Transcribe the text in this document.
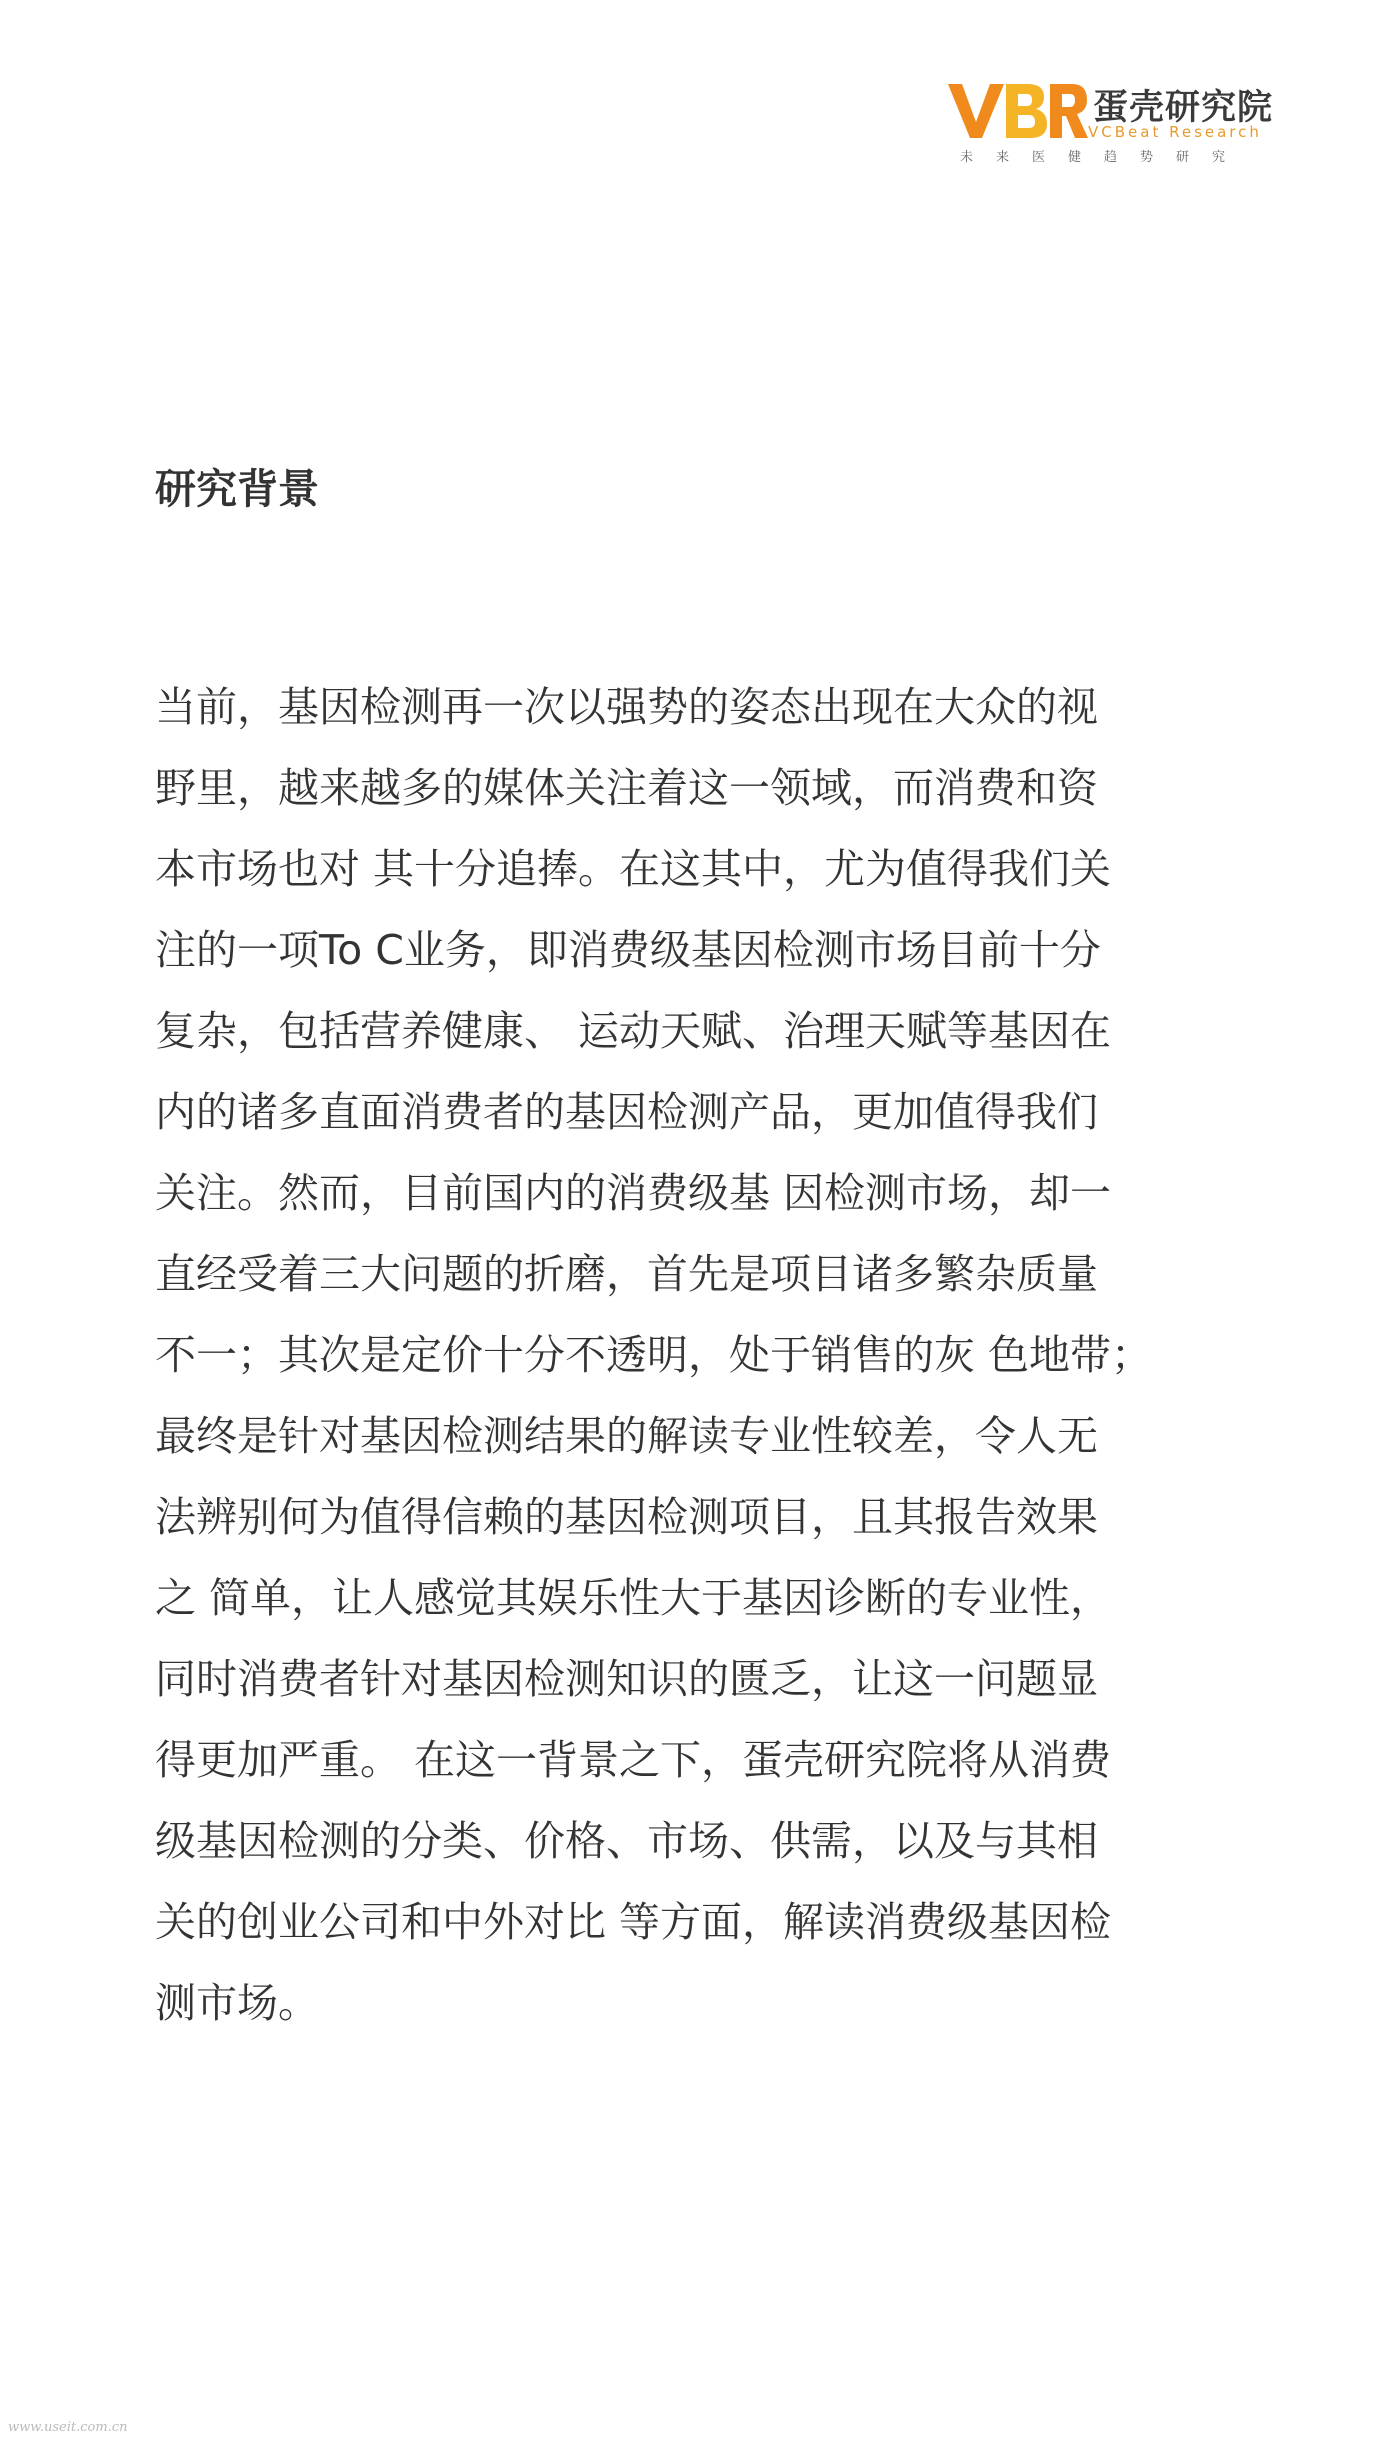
蛋壳研究院
VCBeat Research
未来医健趋势研究
研究背景
当前，基因检测再一次以强势的姿态出现在大众的视
野里，越来越多的媒体关注着这一领域，而消费和资
本市场也对 其十分追捧。在这其中，尤为值得我们关
注的一项To C业务，即消费级基因检测市场目前十分
复杂，包括营养健康、 运动天赋、治理天赋等基因在
内的诸多直面消费者的基因检测产品，更加值得我们
关注。然而，目前国内的消费级基 因检测市场，却一
直经受着三大问题的折磨，首先是项目诸多繁杂质量
不一；其次是定价十分不透明，处于销售的灰 色地带；
最终是针对基因检测结果的解读专业性较差，令人无
法辨别何为值得信赖的基因检测项目，且其报告效果
之 简单，让人感觉其娱乐性大于基因诊断的专业性，
同时消费者针对基因检测知识的匮乏，让这一问题显
得更加严重。 在这一背景之下，蛋壳研究院将从消费
级基因检测的分类、价格、市场、供需，以及与其相
关的创业公司和中外对比 等方面，解读消费级基因检
测市场。
www.useit.com.cn
